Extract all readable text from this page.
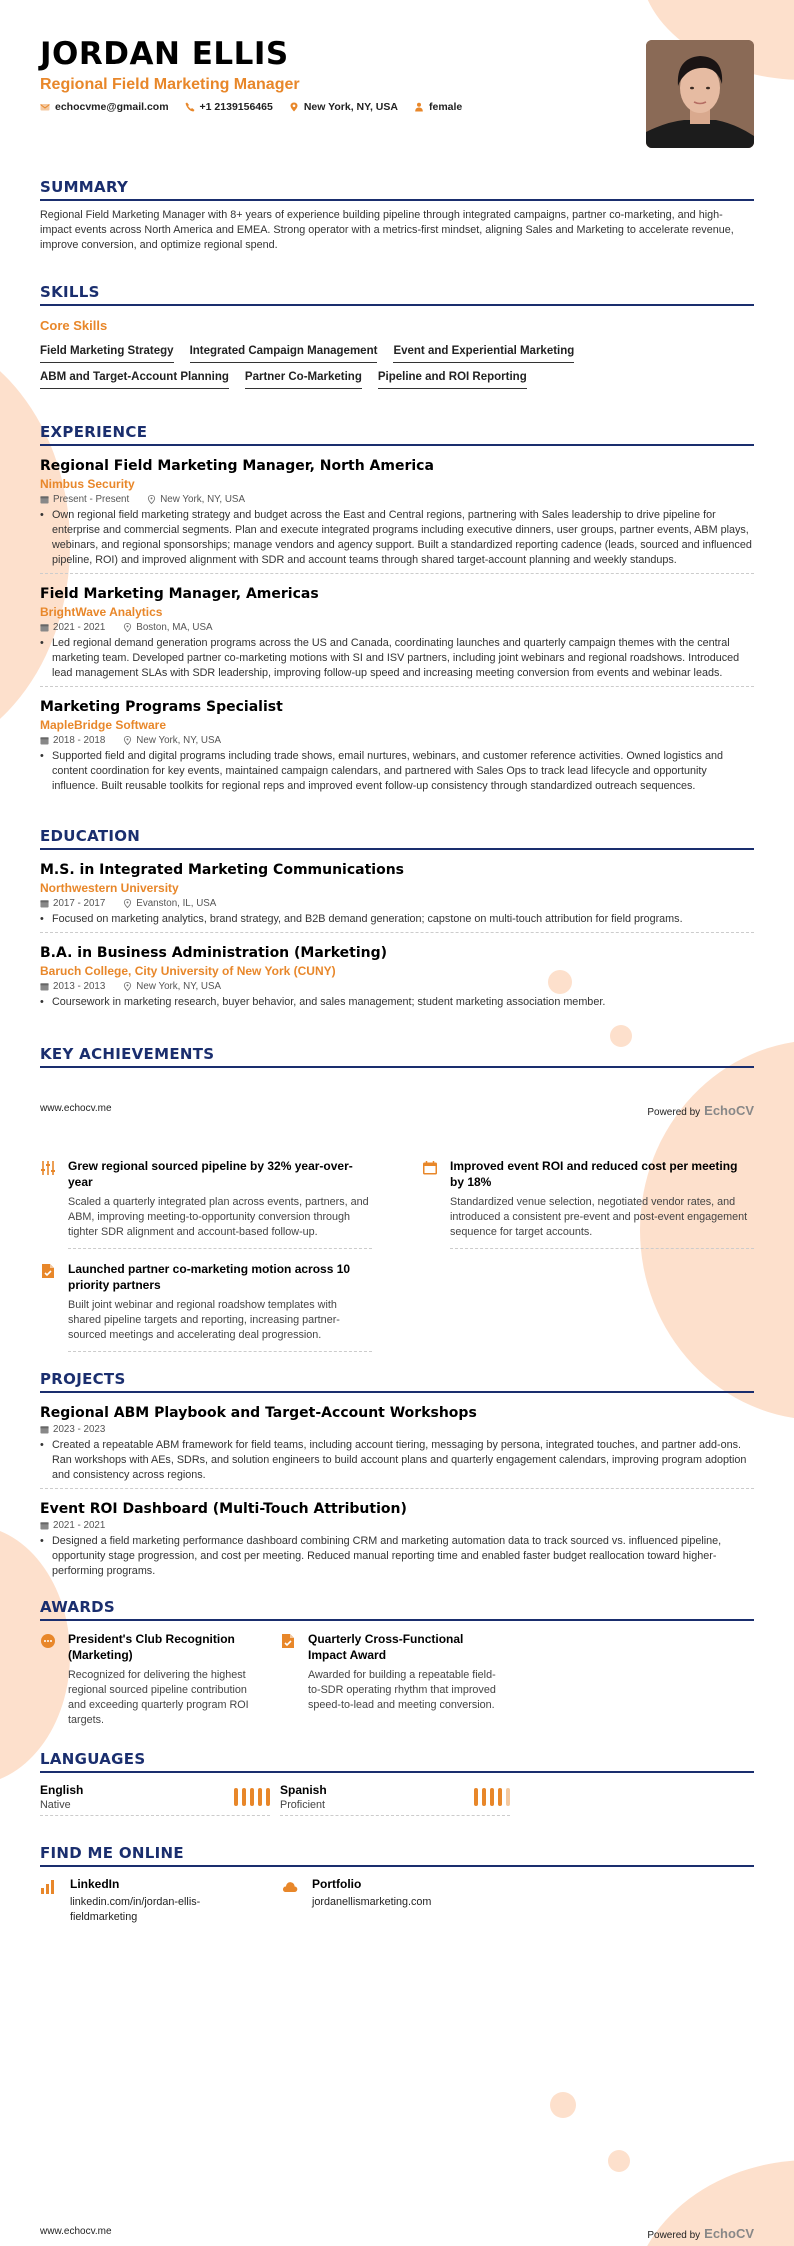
JORDAN ELLIS
Regional Field Marketing Manager
echocvme@gmail.com	+1 2139156465	New York, NY, USA	female
SUMMARY
Regional Field Marketing Manager with 8+ years of experience building pipeline through integrated campaigns, partner co-marketing, and high-impact events across North America and EMEA. Strong operator with a metrics-first mindset, aligning Sales and Marketing to accelerate revenue, improve conversion, and optimize regional spend.
SKILLS
Core Skills
Field Marketing Strategy Integrated Campaign Management Event and Experiential Marketing
ABM and Target-Account Planning Partner Co-Marketing Pipeline and ROI Reporting
EXPERIENCE
Regional Field Marketing Manager, North America
Nimbus Security
Present - Present	New York, NY, USA
• Own regional field marketing strategy and budget across the East and Central regions, partnering with Sales leadership to drive pipeline for enterprise and commercial segments. Plan and execute integrated programs including executive dinners, user groups, partner events, ABM plays, webinars, and regional sponsorships; manage vendors and agency support. Built a standardized reporting cadence (leads, sourced and influenced pipeline, ROI) and improved alignment with SDR and account teams through shared target-account planning and weekly standups.
Field Marketing Manager, Americas
BrightWave Analytics
2021 - 2021	Boston, MA, USA
• Led regional demand generation programs across the US and Canada, coordinating launches and quarterly campaign themes with the central marketing team. Developed partner co-marketing motions with SI and ISV partners, including joint webinars and regional roadshows. Introduced lead management SLAs with SDR leadership, improving follow-up speed and increasing meeting conversion from events and webinar leads.
Marketing Programs Specialist
MapleBridge Software
2018 - 2018	New York, NY, USA
• Supported field and digital programs including trade shows, email nurtures, webinars, and customer reference activities. Owned logistics and content coordination for key events, maintained campaign calendars, and partnered with Sales Ops to track lead lifecycle and opportunity influence. Built reusable toolkits for regional reps and improved event follow-up consistency through standardized outreach sequences.
EDUCATION
M.S. in Integrated Marketing Communications
Northwestern University
2017 - 2017	Evanston, IL, USA
• Focused on marketing analytics, brand strategy, and B2B demand generation; capstone on multi-touch attribution for field programs.
B.A. in Business Administration (Marketing)
Baruch College, City University of New York (CUNY)
2013 - 2013	New York, NY, USA
• Coursework in marketing research, buyer behavior, and sales management; student marketing association member.
KEY ACHIEVEMENTS
Grew regional sourced pipeline by 32% year-over-year
Scaled a quarterly integrated plan across events, partners, and ABM, improving meeting-to-opportunity conversion through tighter SDR alignment and account-based follow-up.
Improved event ROI and reduced cost per meeting by 18%
Standardized venue selection, negotiated vendor rates, and introduced a consistent pre-event and post-event engagement sequence for target accounts.
Launched partner co-marketing motion across 10 priority partners
Built joint webinar and regional roadshow templates with shared pipeline targets and reporting, increasing partner-sourced meetings and accelerating deal progression.
PROJECTS
Regional ABM Playbook and Target-Account Workshops
2023 - 2023
• Created a repeatable ABM framework for field teams, including account tiering, messaging by persona, integrated touches, and partner add-ons. Ran workshops with AEs, SDRs, and solution engineers to build account plans and quarterly engagement calendars, improving program adoption and consistency across regions.
Event ROI Dashboard (Multi-Touch Attribution)
2021 - 2021
• Designed a field marketing performance dashboard combining CRM and marketing automation data to track sourced vs. influenced pipeline, opportunity stage progression, and cost per meeting. Reduced manual reporting time and enabled faster budget reallocation toward higher-performing programs.
AWARDS
President's Club Recognition (Marketing)
Recognized for delivering the highest regional sourced pipeline contribution and exceeding quarterly program ROI targets.
Quarterly Cross-Functional Impact Award
Awarded for building a repeatable field-to-SDR operating rhythm that improved speed-to-lead and meeting conversion.
LANGUAGES
English
Native
Spanish
Proficient
FIND ME ONLINE
LinkedIn
linkedin.com/in/jordan-ellis-fieldmarketing
Portfolio
jordanellismarketing.com
www.echocv.me	Powered by EchoCV
www.echocv.me	Powered by EchoCV
